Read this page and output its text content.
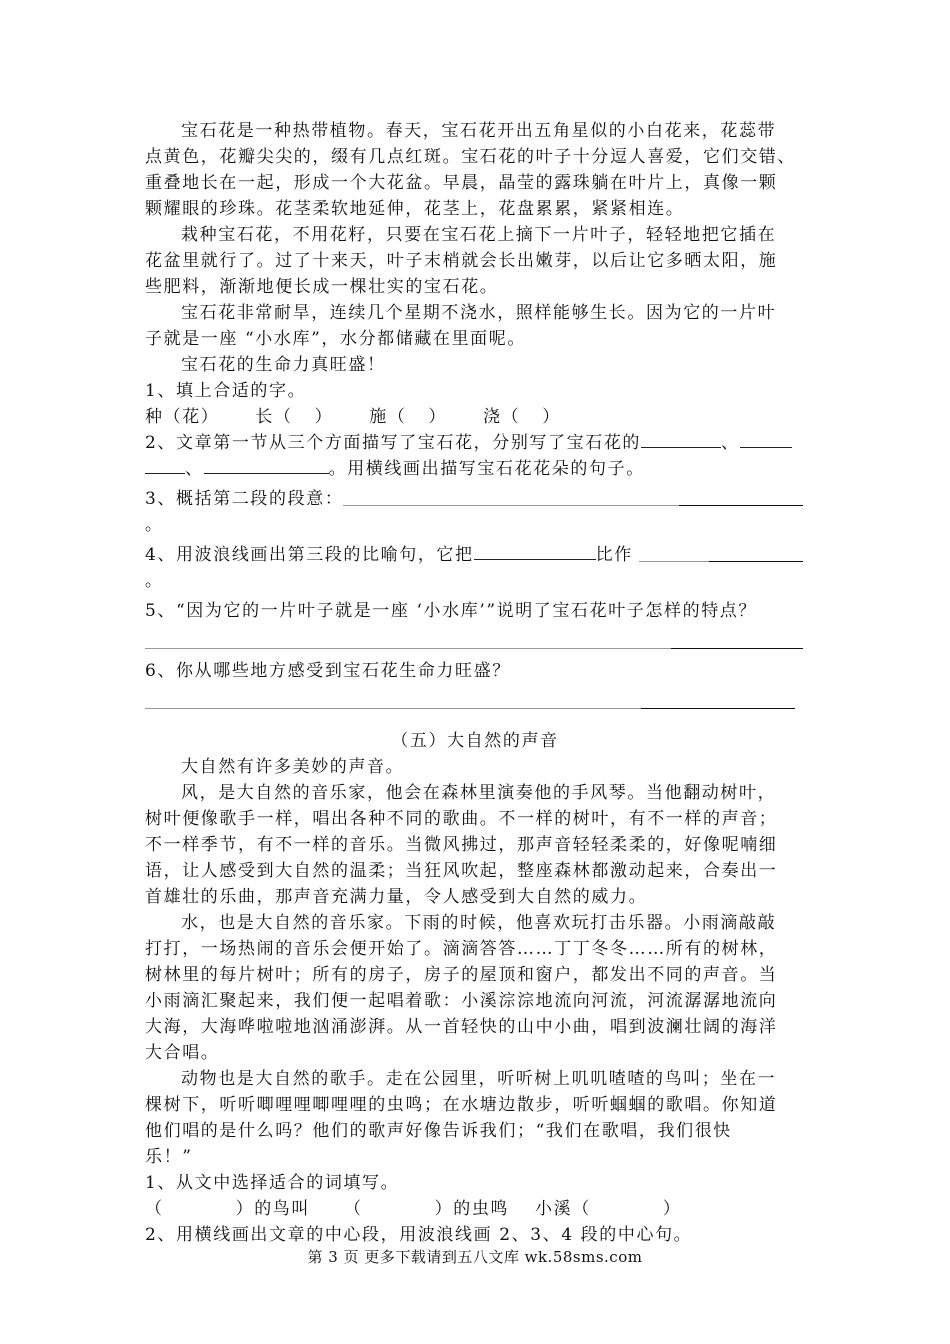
宝石花是一种热带植物。春天，宝石花开出五角星似的小白花来，花蕊带
点黄色，花瓣尖尖的，缀有几点红斑。宝石花的叶子十分逗人喜爱，它们交错、
重叠地长在一起，形成一个大花盆。早晨，晶莹的露珠躺在叶片上，真像一颗
颗耀眼的珍珠。花茎柔软地延伸，花茎上，花盘累累，紧紧相连。
栽种宝石花，不用花籽，只要在宝石花上摘下一片叶子，轻轻地把它插在
花盆里就行了。过了十来天，叶子末梢就会长出嫩芽，以后让它多晒太阳，施
些肥料，渐渐地便长成一棵壮实的宝石花。
宝石花非常耐旱，连续几个星期不浇水，照样能够生长。因为它的一片叶
子就是一座 “小水库”，水分都储藏在里面呢。
宝石花的生命力真旺盛！
1、填上合适的字。
种（花） 长（ ） 施（ ） 浇（ ）
2、文章第一节从三个方面描写了宝石花，分别写了宝石花的	、
、	。用横线画出描写宝石花花朵的句子。
3、概括第二段的段意：
。
4、用波浪线画出第三段的比喻句，它把	比作
。
5、“因为它的一片叶子就是一座 ‘小水库’”说明了宝石花叶子怎样的特点？
6、你从哪些地方感受到宝石花生命力旺盛？
（五）大自然的声音
大自然有许多美妙的声音。
风，是大自然的音乐家，他会在森林里演奏他的手风琴。当他翻动树叶，
树叶便像歌手一样，唱出各种不同的歌曲。不一样的树叶，有不一样的声音；
不一样季节，有不一样的音乐。当微风拂过，那声音轻轻柔柔的，好像呢喃细
语，让人感受到大自然的温柔；当狂风吹起，整座森林都激动起来，合奏出一
首雄壮的乐曲，那声音充满力量，令人感受到大自然的威力。
水，也是大自然的音乐家。下雨的时候，他喜欢玩打击乐器。小雨滴敲敲
打打，一场热闹的音乐会便开始了。滴滴答答……丁丁冬冬……所有的树林，
树林里的每片树叶；所有的房子，房子的屋顶和窗户，都发出不同的声音。当
小雨滴汇聚起来，我们便一起唱着歌：小溪淙淙地流向河流，河流潺潺地流向
大海，大海哗啦啦地汹涌澎湃。从一首轻快的山中小曲，唱到波澜壮阔的海洋
大合唱。
动物也是大自然的歌手。走在公园里，听听树上叽叽喳喳的鸟叫；坐在一
棵树下，听听唧哩哩唧哩哩的虫鸣；在水塘边散步，听听蝈蝈的歌唱。你知道
他们唱的是什么吗？他们的歌声好像告诉我们；“我们在歌唱，我们很快
乐！”
1、从文中选择适合的词填写。
（	）的鸟叫 （	）的虫鸣 小溪（	）
2、用横线画出文章的中心段，用波浪线画 2、3、4 段的中心句。
第 3 页 更多下载请到五八文库 wk.58sms.com
